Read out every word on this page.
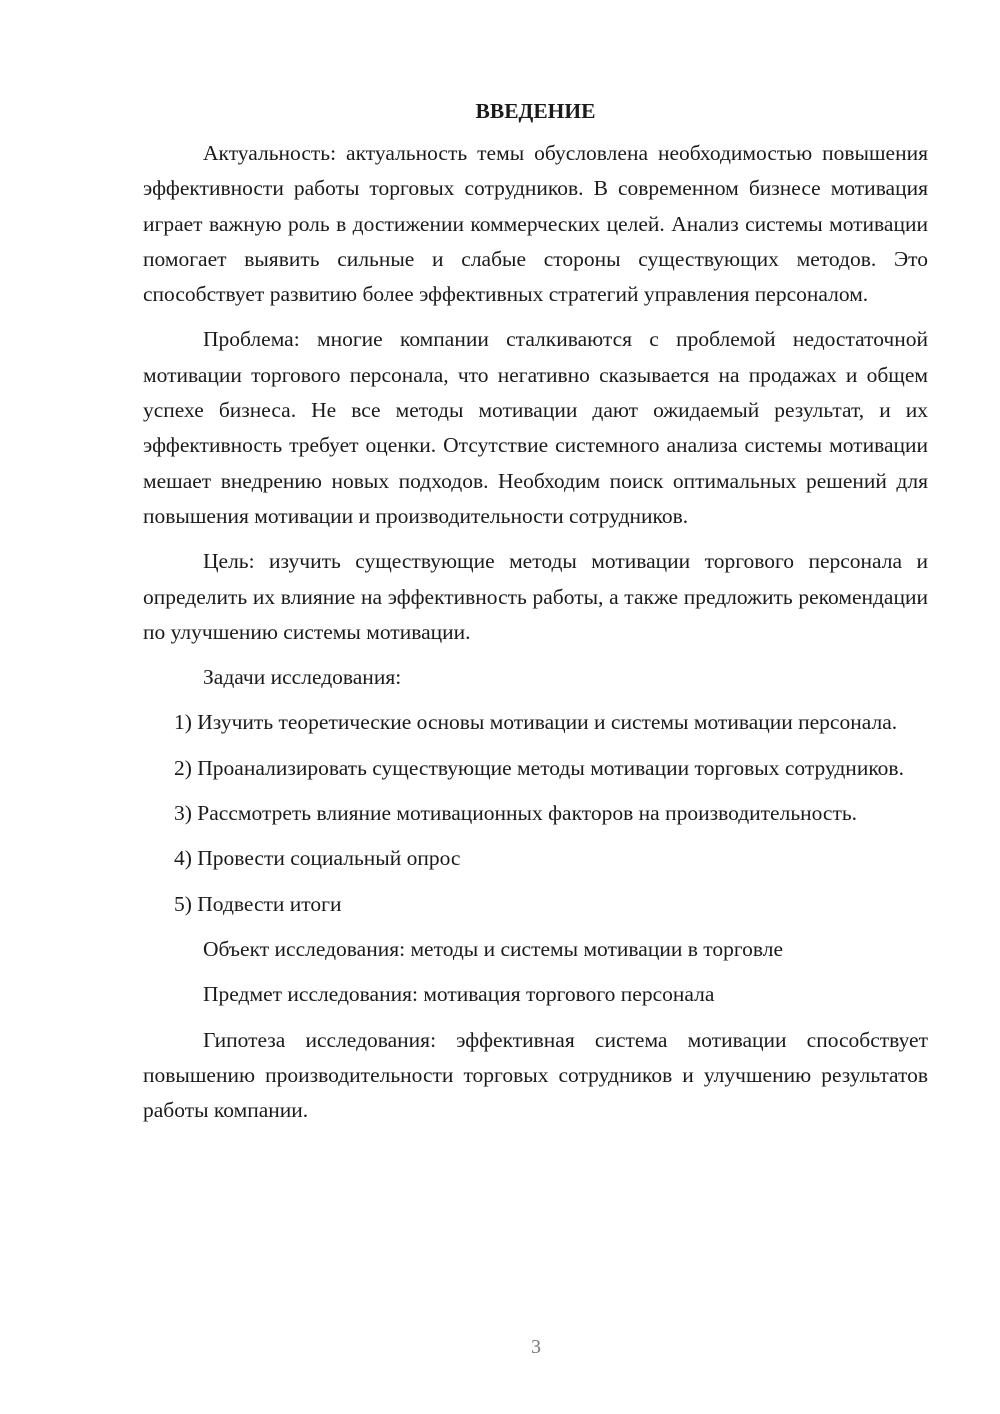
ВВЕДЕНИЕ

Актуальность: актуальность темы обусловлена необходимостью повышения эффективности работы торговых сотрудников. В современном бизнесе мотивация играет важную роль в достижении коммерческих целей. Анализ системы мотивации помогает выявить сильные и слабые стороны существующих методов. Это способствует развитию более эффективных стратегий управления персоналом.

Проблема: многие компании сталкиваются с проблемой недостаточной мотивации торгового персонала, что негативно сказывается на продажах и общем успехе бизнеса. Не все методы мотивации дают ожидаемый результат, и их эффективность требует оценки. Отсутствие системного анализа системы мотивации мешает внедрению новых подходов. Необходим поиск оптимальных решений для повышения мотивации и производительности сотрудников.

Цель: изучить существующие методы мотивации торгового персонала и определить их влияние на эффективность работы, а также предложить рекомендации по улучшению системы мотивации.

Задачи исследования:

1) Изучить теоретические основы мотивации и системы мотивации персонала.

2) Проанализировать существующие методы мотивации торговых сотрудников.

3) Рассмотреть влияние мотивационных факторов на производительность.

4) Провести социальный опрос

5) Подвести итоги

Объект исследования: методы и системы мотивации в торговле

Предмет исследования: мотивация торгового персонала

Гипотеза исследования: эффективная система мотивации способствует повышению производительности торговых сотрудников и улучшению результатов работы компании.

3
